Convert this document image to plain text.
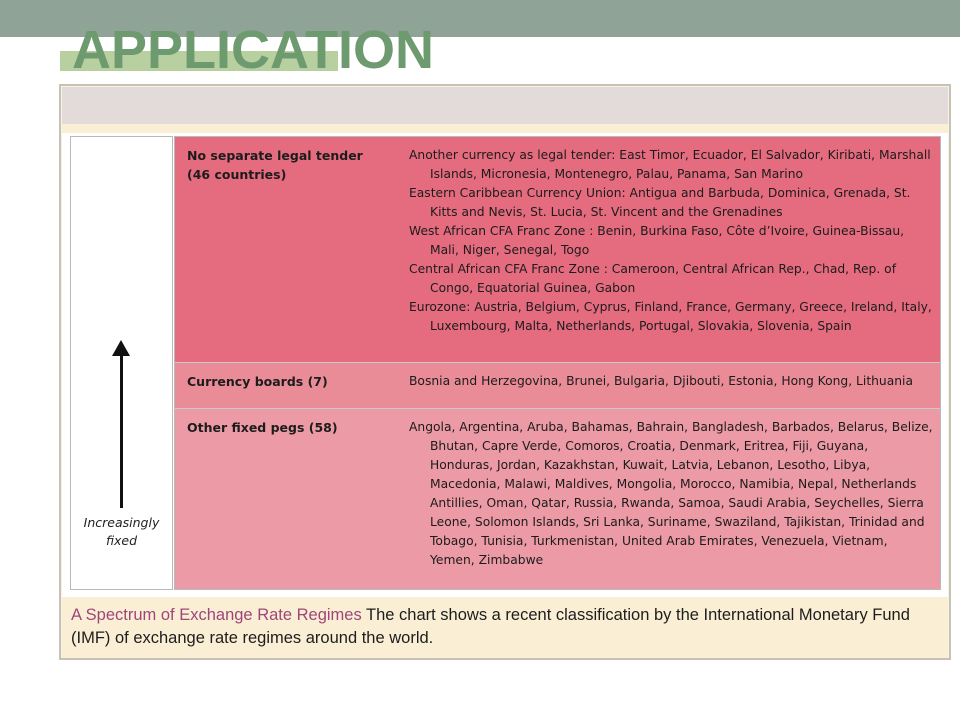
APPLICATION
Increasingly
fixed
No separate legal tender
(46 countries)
Another currency as legal tender: East Timor, Ecuador, El Salvador, Kiribati, Marshall Islands, Micronesia, Montenegro, Palau, Panama, San Marino
Eastern Caribbean Currency Union: Antigua and Barbuda, Dominica, Grenada, St. Kitts and Nevis, St. Lucia, St. Vincent and the Grenadines
West African CFA Franc Zone : Benin, Burkina Faso, Côte d’Ivoire, Guinea-Bissau, Mali, Niger, Senegal, Togo
Central African CFA Franc Zone : Cameroon, Central African Rep., Chad, Rep. of Congo, Equatorial Guinea, Gabon
Eurozone: Austria, Belgium, Cyprus, Finland, France, Germany, Greece, Ireland, Italy, Luxembourg, Malta, Netherlands, Portugal, Slovakia, Slovenia, Spain
Currency boards (7)	Bosnia and Herzegovina, Brunei, Bulgaria, Djibouti, Estonia, Hong Kong, Lithuania
Other fixed pegs (58)	Angola, Argentina, Aruba, Bahamas, Bahrain, Bangladesh, Barbados, Belarus, Belize, Bhutan, Capre Verde, Comoros, Croatia, Denmark, Eritrea, Fiji, Guyana, Honduras, Jordan, Kazakhstan, Kuwait, Latvia, Lebanon, Lesotho, Libya, Macedonia, Malawi, Maldives, Mongolia, Morocco, Namibia, Nepal, Netherlands Antillies, Oman, Qatar, Russia, Rwanda, Samoa, Saudi Arabia, Seychelles, Sierra Leone, Solomon Islands, Sri Lanka, Suriname, Swaziland, Tajikistan, Trinidad and Tobago, Tunisia, Turkmenistan, United Arab Emirates, Venezuela, Vietnam, Yemen, Zimbabwe

A Spectrum of Exchange Rate Regimes The chart shows a recent classification by the International Monetary Fund (IMF) of exchange rate regimes around the world.
